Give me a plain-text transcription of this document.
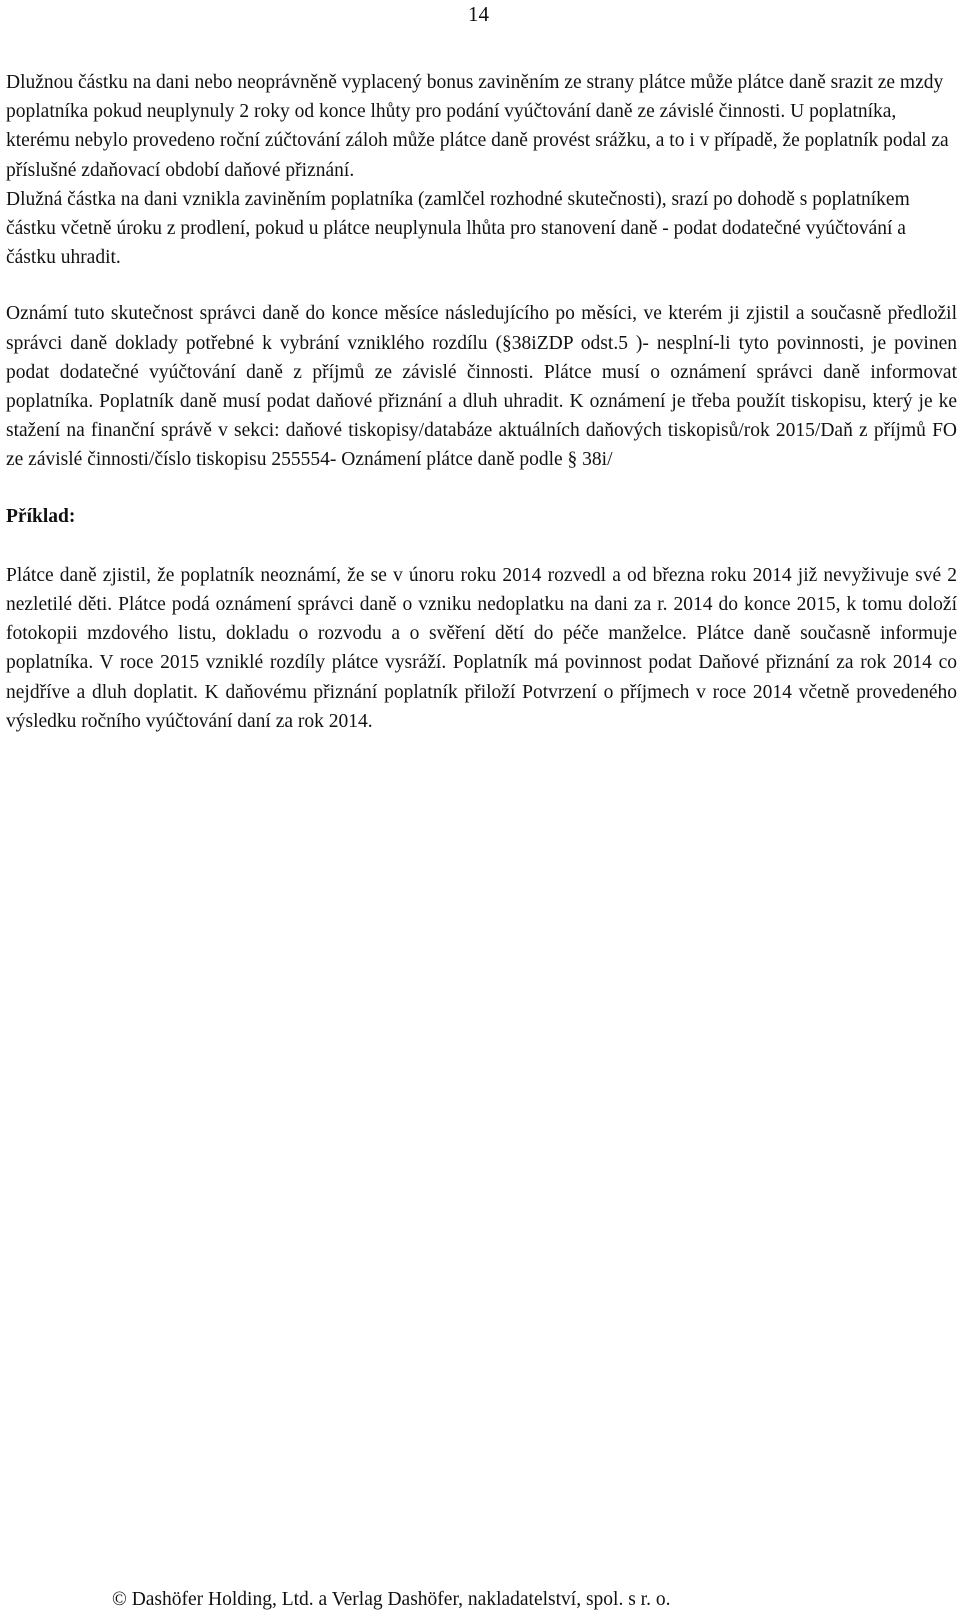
14

Dlužnou částku na dani nebo neoprávněně vyplacený bonus zaviněním ze strany plátce může plátce daně srazit ze mzdy poplatníka pokud neuplynuly 2 roky od konce lhůty pro podání vyúčtování daně ze závislé činnosti. U poplatníka, kterému nebylo provedeno roční zúčtování záloh může plátce daně provést srážku, a to i v případě, že poplatník podal za příslušné zdaňovací období daňové přiznání.

Dlužná částka na dani vznikla zaviněním poplatníka (zamlčel rozhodné skutečnosti), srazí po dohodě s poplatníkem částku včetně úroku z prodlení, pokud u plátce neuplynula lhůta pro stanovení daně - podat dodatečné vyúčtování a částku uhradit.

Oznámí tuto skutečnost správci daně do konce měsíce následujícího po měsíci, ve kterém ji zjistil a současně předložil správci daně doklady potřebné k vybrání vzniklého rozdílu (§38iZDP odst.5 )- nesplní-li tyto povinnosti, je povinen podat dodatečné vyúčtování daně z příjmů ze závislé činnosti. Plátce musí o oznámení správci daně informovat poplatníka. Poplatník daně musí podat daňové přiznání a dluh uhradit. K oznámení je třeba použít tiskopisu, který je ke stažení na finanční správě v sekci: daňové tiskopisy/databáze aktuálních daňových tiskopisů/rok 2015/Daň z příjmů FO ze závislé činnosti/číslo tiskopisu 255554- Oznámení plátce daně podle § 38i/

Příklad:

Plátce daně zjistil, že poplatník neoznámí, že se v únoru roku 2014 rozvedl a od března roku 2014 již nevyživuje své 2 nezletilé děti. Plátce podá oznámení správci daně o vzniku nedoplatku na dani za r. 2014 do konce 2015, k tomu doloží fotokopii mzdového listu, dokladu o rozvodu a o svěření dětí do péče manželce. Plátce daně současně informuje poplatníka. V roce 2015 vzniklé rozdíly plátce vysráží. Poplatník má povinnost podat Daňové přiznání za rok 2014 co nejdříve a dluh doplatit. K daňovému přiznání poplatník přiloží Potvrzení o příjmech v roce 2014 včetně provedeného výsledku ročního vyúčtování daní za rok 2014.

© Dashöfer Holding, Ltd. a Verlag Dashöfer, nakladatelství, spol. s r. o.
